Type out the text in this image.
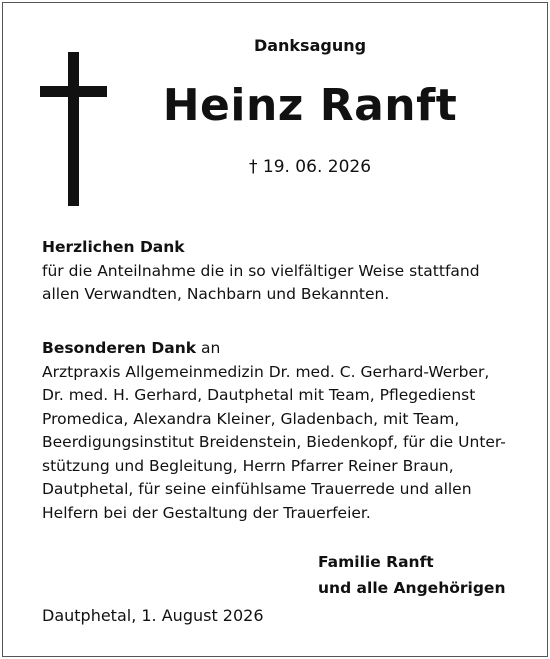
Danksagung
Heinz Ranft
† 19. 06. 2026
Herzlichen Dank
für die Anteilnahme die in so vielfältiger Weise stattfand
allen Verwandten, Nachbarn und Bekannten.
Besonderen Dank an
Arztpraxis Allgemeinmedizin Dr. med. C. Gerhard-Werber,
Dr. med. H. Gerhard, Dautphetal mit Team, Pflegedienst
Promedica, Alexandra Kleiner, Gladenbach, mit Team,
Beerdigungsinstitut Breidenstein, Biedenkopf, für die Unter-
stützung und Begleitung, Herrn Pfarrer Reiner Braun,
Dautphetal, für seine einfühlsame Trauerrede und allen
Helfern bei der Gestaltung der Trauerfeier.
Familie Ranft
und alle Angehörigen
Dautphetal, 1. August 2026
